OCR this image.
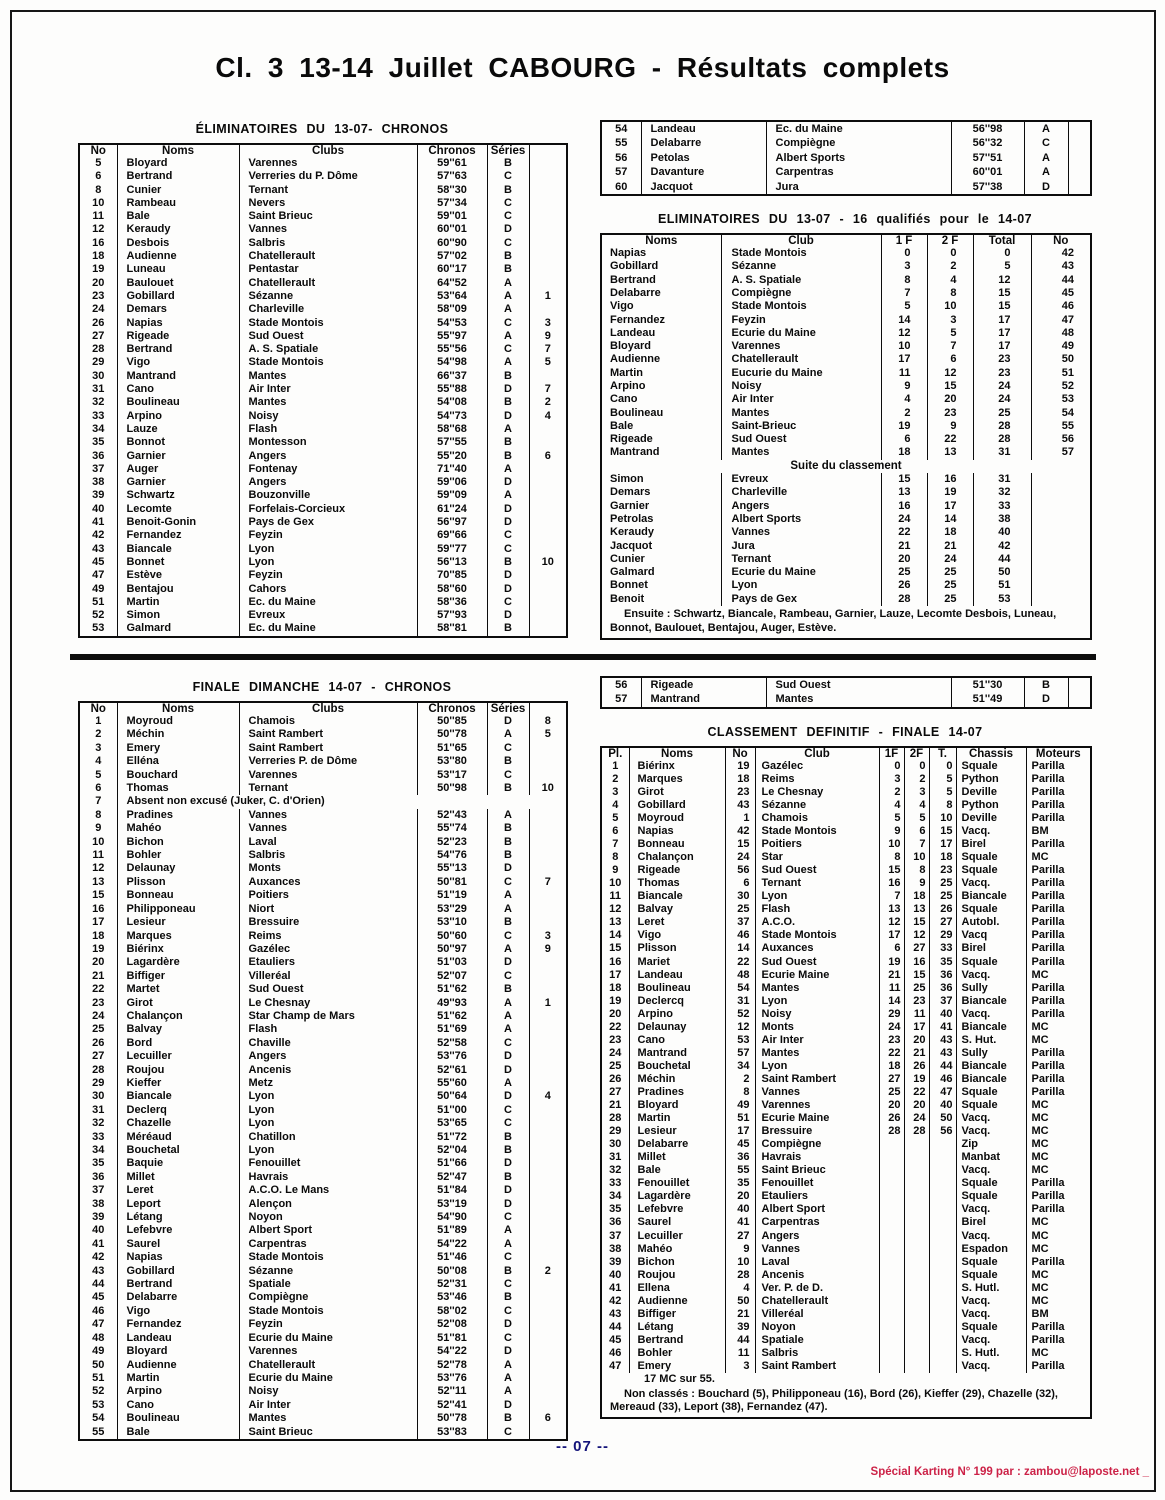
Cl. 3 13-14 Juillet CABOURG - Résultats complets
ÉLIMINATOIRES DU 13-07- CHRONOS
No	Noms	Clubs	Chronos	Séries	
5	Bloyard	Varennes	59''61	B	
6	Bertrand	Verreries du P. Dôme	57''63	C	
8	Cunier	Ternant	58''30	B	
10	Rambeau	Nevers	57''34	C	
11	Bale	Saint Brieuc	59''01	C	
12	Keraudy	Vannes	60''01	D	
16	Desbois	Salbris	60''90	C	
18	Audienne	Chatellerault	57''02	B	
19	Luneau	Pentastar	60''17	B	
20	Baulouet	Chatellerault	64''52	A	
23	Gobillard	Sézanne	53''64	A	1
24	Demars	Charleville	58''09	A	
26	Napias	Stade Montois	54''53	C	3
27	Rigeade	Sud Ouest	55''97	A	9
28	Bertrand	A. S. Spatiale	55''56	C	7
29	Vigo	Stade Montois	54''98	A	5
30	Mantrand	Mantes	66''37	B	
31	Cano	Air Inter	55''88	D	7
32	Boulineau	Mantes	54''08	B	2
33	Arpino	Noisy	54''73	D	4
34	Lauze	Flash	58''68	A	
35	Bonnot	Montesson	57''55	B	
36	Garnier	Angers	55''20	B	6
37	Auger	Fontenay	71''40	A	
38	Garnier	Angers	59''06	D	
39	Schwartz	Bouzonville	59''09	A	
40	Lecomte	Forfelais-Corcieux	61''24	D	
41	Benoit-Gonin	Pays de Gex	56''97	D	
42	Fernandez	Feyzin	69''66	C	
43	Biancale	Lyon	59''77	C	
45	Bonnet	Lyon	56''13	B	10
47	Estève	Feyzin	70''85	D	
49	Bentajou	Cahors	58''60	D	
51	Martin	Ec. du Maine	58''36	C	
52	Simon	Evreux	57''93	D	
53	Galmard	Ec. du Maine	58''81	B	
54	Landeau	Ec. du Maine	56''98	A	
55	Delabarre	Compiègne	56''32	C	
56	Petolas	Albert Sports	57''51	A	
57	Davanture	Carpentras	60''01	A	
60	Jacquot	Jura	57''38	D	
ELIMINATOIRES DU 13-07 - 16 qualifiés pour le 14-07
Noms	Club	1 F	2 F	Total	No
Napias	Stade Montois	0	0	0	42
Gobillard	Sézanne	3	2	5	43
Bertrand	A. S. Spatiale	8	4	12	44
Delabarre	Compiègne	7	8	15	45
Vigo	Stade Montois	5	10	15	46
Fernandez	Feyzin	14	3	17	47
Landeau	Ecurie du Maine	12	5	17	48
Bloyard	Varennes	10	7	17	49
Audienne	Chatellerault	17	6	23	50
Martin	Eucurie du Maine	11	12	23	51
Arpino	Noisy	9	15	24	52
Cano	Air Inter	4	20	24	53
Boulineau	Mantes	2	23	25	54
Bale	Saint-Brieuc	19	9	28	55
Rigeade	Sud Ouest	6	22	28	56
Mantrand	Mantes	18	13	31	57
Suite du classement					
Simon	Evreux	15	16	31	
Demars	Charleville	13	19	32	
Garnier	Angers	16	17	33	
Petrolas	Albert Sports	24	14	38	
Keraudy	Vannes	22	18	40	
Jacquot	Jura	21	21	42	
Cunier	Ternant	20	24	44	
Galmard	Ecurie du Maine	25	25	50	
Bonnet	Lyon	26	25	51	
Benoit	Pays de Gex	28	25	53	
Ensuite : Schwartz, Biancale, Rambeau, Garnier, Lauze, Lecomte Desbois, Luneau, Bonnot, Baulouet, Bentajou, Auger, Estève.					
FINALE DIMANCHE 14-07 - CHRONOS
No	Noms	Clubs	Chronos	Séries	
1	Moyroud	Chamois	50''85	D	8
2	Méchin	Saint Rambert	50''78	A	5
3	Emery	Saint Rambert	51''65	C	
4	Elléna	Verreries P. de Dôme	53''80	B	
5	Bouchard	Varennes	53''17	C	
6	Thomas	Ternant	50''98	B	10
7	Absent non excusé (Juker, C. d'Orien)				
8	Pradines	Vannes	52''43	A	
9	Mahéo	Vannes	55''74	B	
10	Bichon	Laval	52''23	B	
11	Bohler	Salbris	54''76	B	
12	Delaunay	Monts	55''13	D	
13	Plisson	Auxances	50''81	C	7
15	Bonneau	Poitiers	51''19	A	
16	Philipponeau	Niort	53''29	A	
17	Lesieur	Bressuire	53''10	B	
18	Marques	Reims	50''60	C	3
19	Biérinx	Gazélec	50''97	A	9
20	Lagardère	Etauliers	51''03	D	
21	Biffiger	Villeréal	52''07	C	
22	Martet	Sud Ouest	51''62	B	
23	Girot	Le Chesnay	49''93	A	1
24	Chalançon	Star Champ de Mars	51''62	A	
25	Balvay	Flash	51''69	A	
26	Bord	Chaville	52''58	C	
27	Lecuiller	Angers	53''76	D	
28	Roujou	Ancenis	52''61	D	
29	Kieffer	Metz	55''60	A	
30	Biancale	Lyon	50''64	D	4
31	Declerq	Lyon	51''00	C	
32	Chazelle	Lyon	53''65	C	
33	Méréaud	Chatillon	51''72	B	
34	Bouchetal	Lyon	52''04	B	
35	Baquie	Fenouillet	51''66	D	
36	Millet	Havrais	52''47	B	
37	Leret	A.C.O. Le Mans	51''84	D	
38	Leport	Alençon	53''19	D	
39	Létang	Noyon	54''90	C	
40	Lefebvre	Albert Sport	51''89	A	
41	Saurel	Carpentras	54''22	A	
42	Napias	Stade Montois	51''46	C	
43	Gobillard	Sézanne	50''08	B	2
44	Bertrand	Spatiale	52''31	C	
45	Delabarre	Compiègne	53''46	B	
46	Vigo	Stade Montois	58''02	C	
47	Fernandez	Feyzin	52''08	D	
48	Landeau	Ecurie du Maine	51''81	C	
49	Bloyard	Varennes	54''22	D	
50	Audienne	Chatellerault	52''78	A	
51	Martin	Ecurie du Maine	53''76	A	
52	Arpino	Noisy	52''11	A	
53	Cano	Air Inter	52''41	D	
54	Boulineau	Mantes	50''78	B	6
55	Bale	Saint Brieuc	53''83	C	
56	Rigeade	Sud Ouest	51''30	B	
57	Mantrand	Mantes	51''49	D	
CLASSEMENT DEFINITIF - FINALE 14-07
Pl.	Noms	No	Club	1F	2F	T.	Chassis	Moteurs
1	Biérinx	19	Gazélec	0	0	0	Squale	Parilla
2	Marques	18	Reims	3	2	5	Python	Parilla
3	Girot	23	Le Chesnay	2	3	5	Deville	Parilla
4	Gobillard	43	Sézanne	4	4	8	Python	Parilla
5	Moyroud	1	Chamois	5	5	10	Deville	Parilla
6	Napias	42	Stade Montois	9	6	15	Vacq.	BM
7	Bonneau	15	Poitiers	10	7	17	Birel	Parilla
8	Chalançon	24	Star	8	10	18	Squale	MC
9	Rigeade	56	Sud Ouest	15	8	23	Squale	Parilla
10	Thomas	6	Ternant	16	9	25	Vacq.	Parilla
11	Biancale	30	Lyon	7	18	25	Biancale	Parilla
12	Balvay	25	Flash	13	13	26	Squale	Parilla
13	Leret	37	A.C.O.	12	15	27	Autobl.	Parilla
14	Vigo	46	Stade Montois	17	12	29	Vacq	Parilla
15	Plisson	14	Auxances	6	27	33	Birel	Parilla
16	Mariet	22	Sud Ouest	19	16	35	Squale	Parilla
17	Landeau	48	Ecurie Maine	21	15	36	Vacq.	MC
18	Boulineau	54	Mantes	11	25	36	Sully	Parilla
19	Declercq	31	Lyon	14	23	37	Biancale	Parilla
20	Arpino	52	Noisy	29	11	40	Vacq.	Parilla
22	Delaunay	12	Monts	24	17	41	Biancale	MC
23	Cano	53	Air Inter	23	20	43	S. Hut.	MC
24	Mantrand	57	Mantes	22	21	43	Sully	Parilla
25	Bouchetal	34	Lyon	18	26	44	Biancale	Parilla
26	Méchin	2	Saint Rambert	27	19	46	Biancale	Parilla
27	Pradines	8	Vannes	25	22	47	Squale	Parilla
21	Bloyard	49	Varennes	20	20	40	Squale	MC
28	Martin	51	Ecurie Maine	26	24	50	Vacq.	MC
29	Lesieur	17	Bressuire	28	28	56	Vacq.	MC
30	Delabarre	45	Compiègne				Zip	MC
31	Millet	36	Havrais				Manbat	MC
32	Bale	55	Saint Brieuc				Vacq.	MC
33	Fenouillet	35	Fenouillet				Squale	Parilla
34	Lagardère	20	Etauliers				Squale	Parilla
35	Lefebvre	40	Albert Sport				Vacq.	Parilla
36	Saurel	41	Carpentras				Birel	MC
37	Lecuiller	27	Angers				Vacq.	MC
38	Mahéo	9	Vannes				Espadon	MC
39	Bichon	10	Laval				Squale	Parilla
40	Roujou	28	Ancenis				Squale	MC
41	Ellena	4	Ver. P. de D.				S. Hutl.	MC
42	Audienne	50	Chatellerault				Vacq.	MC
43	Biffiger	21	Villeréal				Vacq.	BM
44	Létang	39	Noyon				Squale	Parilla
45	Bertrand	44	Spatiale				Vacq.	Parilla
46	Bohler	11	Salbris				S. Hutl.	MC
47	Emery	3	Saint Rambert				Vacq.	Parilla
17 MC sur 55.								
Non classés : Bouchard (5), Philipponeau (16), Bord (26), Kieffer (29), Chazelle (32), Mereaud (33), Leport (38), Fernandez (47).								
-- 07 --
Spécial Karting N° 199 par : zambou@laposte.net _
